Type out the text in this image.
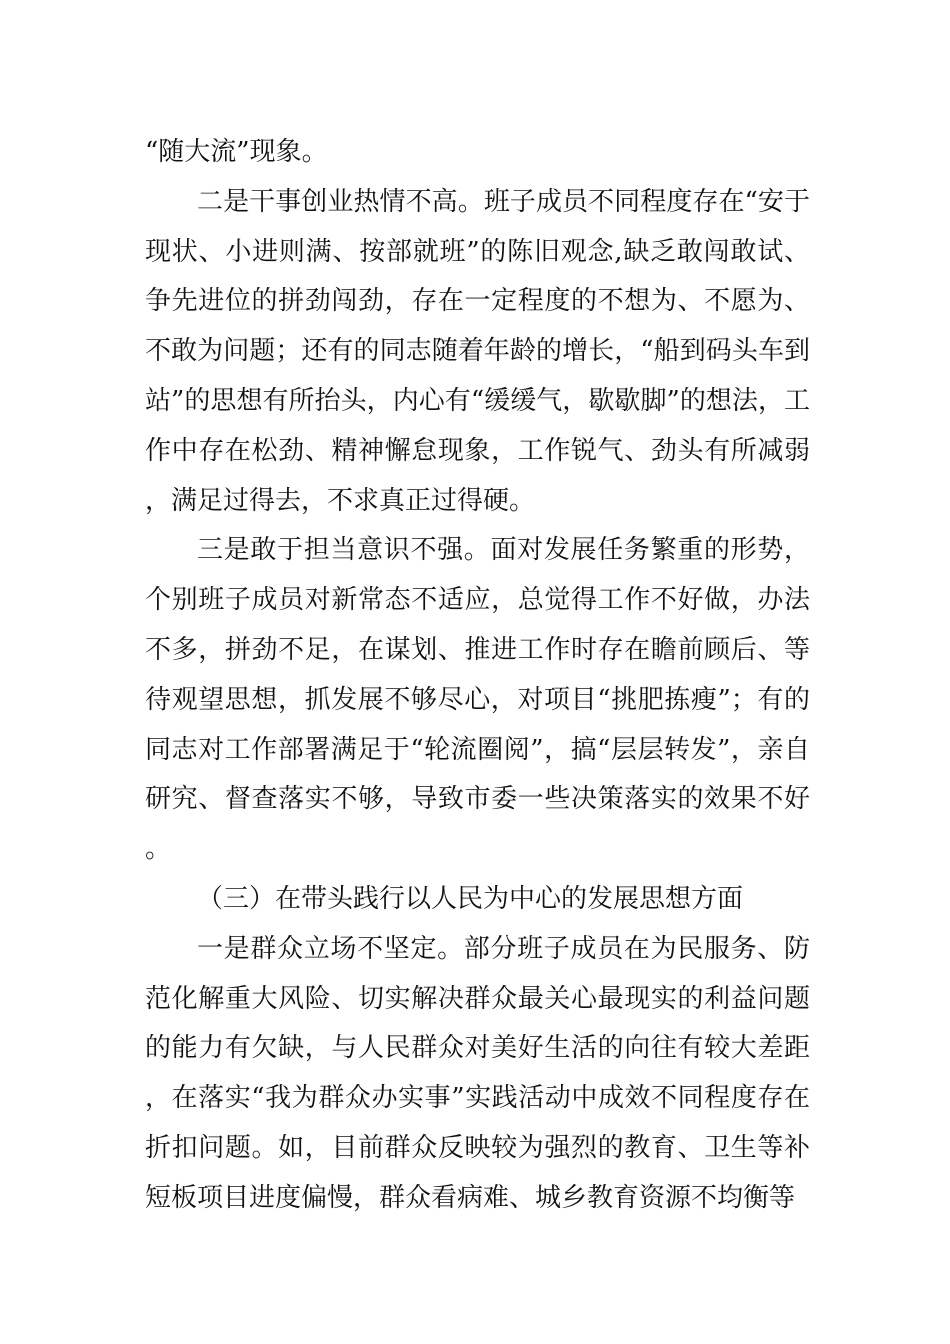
“随大流”现象。

二是干事创业热情不高。班子成员不同程度存在“安于现状、小进则满、按部就班”的陈旧观念,缺乏敢闯敢试、争先进位的拼劲闯劲，存在一定程度的不想为、不愿为、不敢为问题；还有的同志随着年龄的增长，“船到码头车到站”的思想有所抬头，内心有“缓缓气，歇歇脚”的想法，工作中存在松劲、精神懈怠现象，工作锐气、劲头有所减弱，满足过得去，不求真正过得硬。

三是敢于担当意识不强。面对发展任务繁重的形势，个别班子成员对新常态不适应，总觉得工作不好做，办法不多，拼劲不足，在谋划、推进工作时存在瞻前顾后、等待观望思想，抓发展不够尽心，对项目“挑肥拣瘦”；有的同志对工作部署满足于“轮流圈阅”，搞“层层转发”，亲自研究、督查落实不够，导致市委一些决策落实的效果不好。

（三）在带头践行以人民为中心的发展思想方面

一是群众立场不坚定。部分班子成员在为民服务、防范化解重大风险、切实解决群众最关心最现实的利益问题的能力有欠缺，与人民群众对美好生活的向往有较大差距，在落实“我为群众办实事”实践活动中成效不同程度存在折扣问题。如，目前群众反映较为强烈的教育、卫生等补短板项目进度偏慢，群众看病难、城乡教育资源不均衡等
